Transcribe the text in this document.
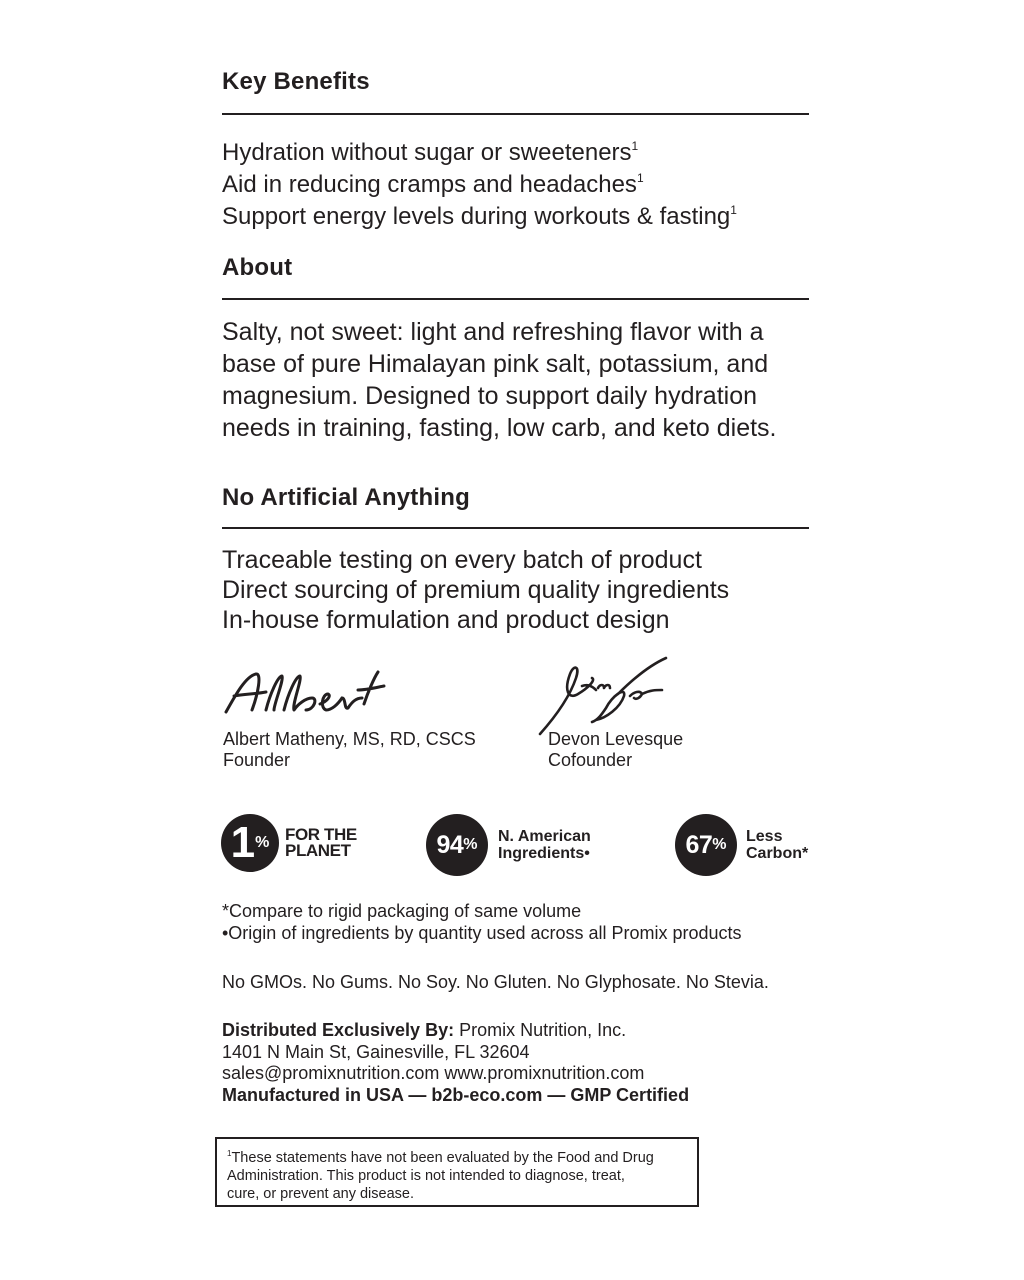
Key Benefits
Hydration without sugar or sweeteners$^1$
Aid in reducing cramps and headaches$^1$
Support energy levels during workouts & fasting$^1$
About
Salty, not sweet: light and refreshing flavor with a
base of pure Himalayan pink salt, potassium, and
magnesium. Designed to support daily hydration
needs in training, fasting, low carb, and keto diets.
No Artificial Anything
Traceable testing on every batch of product
Direct sourcing of premium quality ingredients
In-house formulation and product design
Albert Matheny, MS, RD, CSCS
Founder
Devon Levesque
Cofounder
1 % FOR THE
PLANET	94 % N. American
Ingredients•	67 % Less
Carbon*
*Compare to rigid packaging of same volume
•Origin of ingredients by quantity used across all Promix products
No GMOs. No Gums. No Soy. No Gluten. No Glyphosate. No Stevia.
Distributed Exclusively By: Promix Nutrition, Inc.
1401 N Main St, Gainesville, FL 32604
sales@promixnutrition.com www.promixnutrition.com
Manufactured in USA — b2b-eco.com — GMP Certified
$^1$These statements have not been evaluated by the Food and Drug
Administration. This product is not intended to diagnose, treat,
cure, or prevent any disease.
